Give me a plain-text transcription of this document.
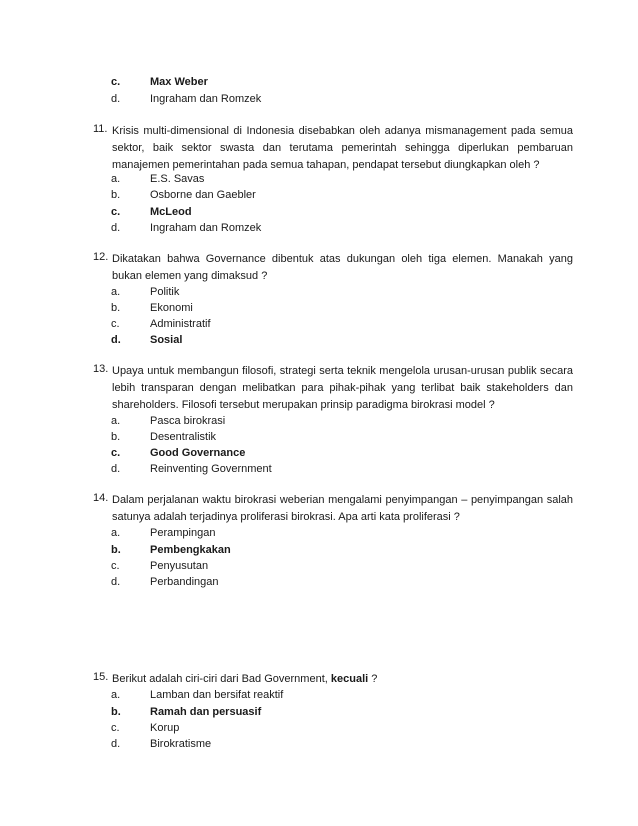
c.	Max Weber
d.	Ingraham dan Romzek
11. Krisis multi-dimensional di Indonesia disebabkan oleh adanya mismanagement pada semua sektor, baik sektor swasta dan terutama pemerintah sehingga diperlukan pembaruan manajemen pemerintahan pada semua tahapan, pendapat tersebut diungkapkan oleh ?
a.	E.S. Savas
b.	Osborne dan Gaebler
c.	McLeod
d.	Ingraham dan Romzek
12. Dikatakan bahwa Governance dibentuk atas dukungan oleh tiga elemen. Manakah yang bukan elemen yang dimaksud ?
a.	Politik
b.	Ekonomi
c.	Administratif
d.	Sosial
13. Upaya untuk membangun filosofi, strategi serta teknik mengelola urusan-urusan publik secara lebih transparan dengan melibatkan para pihak-pihak yang terlibat baik stakeholders dan shareholders. Filosofi tersebut merupakan prinsip paradigma birokrasi model ?
a.	Pasca birokrasi
b.	Desentralistik
c.	Good Governance
d.	Reinventing Government
14. Dalam perjalanan waktu birokrasi weberian mengalami penyimpangan – penyimpangan salah satunya adalah terjadinya proliferasi birokrasi. Apa arti kata proliferasi ?
a.	Perampingan
b.	Pembengkakan
c.	Penyusutan
d.	Perbandingan
15. Berikut adalah ciri-ciri dari Bad Government, kecuali ?
a.	Lamban dan bersifat reaktif
b.	Ramah dan persuasif
c.	Korup
d.	Birokratisme
